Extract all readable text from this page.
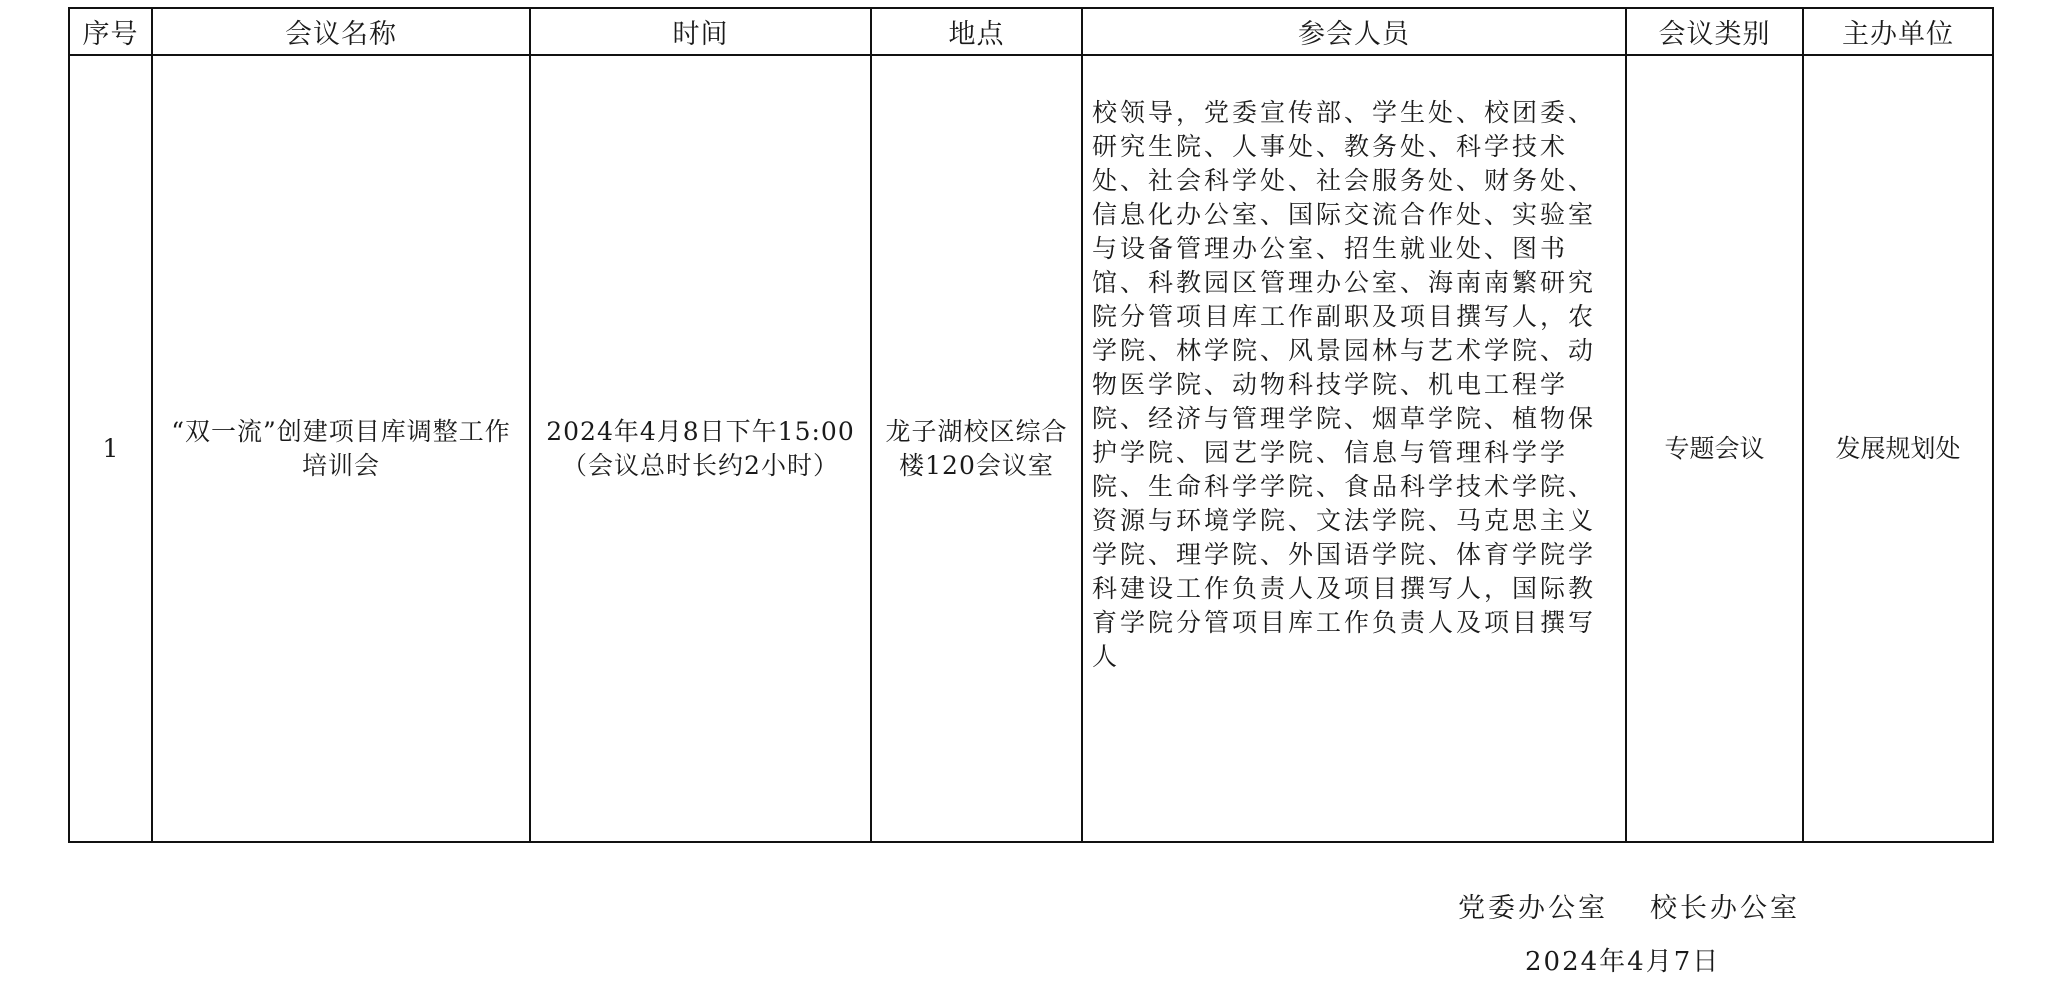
序号	会议名称	时间	地点	参会人员	会议类别	主办单位
1	“双一流”创建项目库调整工作培训会	2024年4月8日下午15:00
（会议总时长约2小时）	龙子湖校区综合楼120会议室	校领导，党委宣传部、学生处、校团委、研究生院、人事处、教务处、科学技术处、社会科学处、社会服务处、财务处、信息化办公室、国际交流合作处、实验室与设备管理办公室、招生就业处、图书馆、科教园区管理办公室、海南南繁研究院分管项目库工作副职及项目撰写人，农学院、林学院、风景园林与艺术学院、动物医学院、动物科技学院、机电工程学院、经济与管理学院、烟草学院、植物保护学院、园艺学院、信息与管理科学学院、生命科学学院、食品科学技术学院、资源与环境学院、文法学院、马克思主义学院、理学院、外国语学院、体育学院学科建设工作负责人及项目撰写人，国际教育学院分管项目库工作负责人及项目撰写人	专题会议	发展规划处
党委办公室 校长办公室
2024年4月7日
